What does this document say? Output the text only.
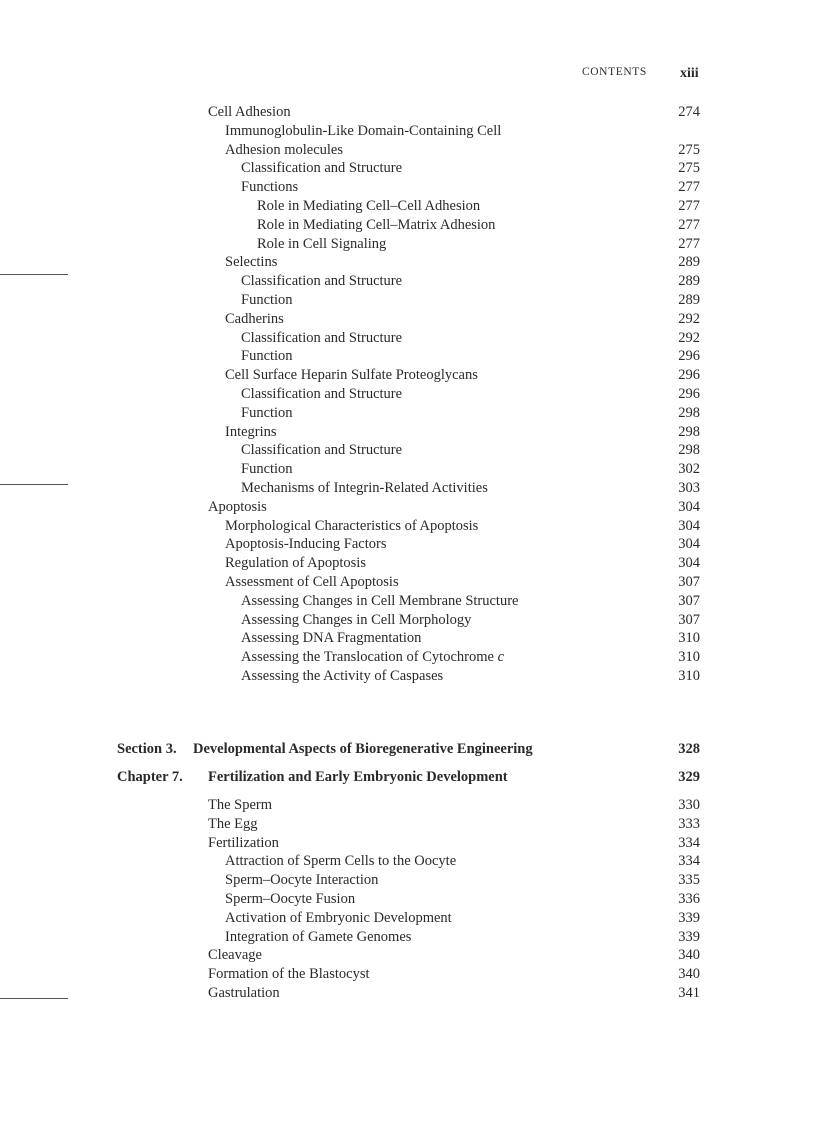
CONTENTS xiii
Cell Adhesion	274
Immunoglobulin-Like Domain-Containing Cell
Adhesion molecules	275
Classification and Structure	275
Functions	277
Role in Mediating Cell–Cell Adhesion	277
Role in Mediating Cell–Matrix Adhesion	277
Role in Cell Signaling	277
Selectins	289
Classification and Structure	289
Function	289
Cadherins	292
Classification and Structure	292
Function	296
Cell Surface Heparin Sulfate Proteoglycans	296
Classification and Structure	296
Function	298
Integrins	298
Classification and Structure	298
Function	302
Mechanisms of Integrin-Related Activities	303
Apoptosis	304
Morphological Characteristics of Apoptosis	304
Apoptosis-Inducing Factors	304
Regulation of Apoptosis	304
Assessment of Cell Apoptosis	307
Assessing Changes in Cell Membrane Structure	307
Assessing Changes in Cell Morphology	307
Assessing DNA Fragmentation	310
Assessing the Translocation of Cytochrome c	310
Assessing the Activity of Caspases	310
Section 3. Developmental Aspects of Bioregenerative Engineering	328
Chapter 7. Fertilization and Early Embryonic Development	329
The Sperm	330
The Egg	333
Fertilization	334
Attraction of Sperm Cells to the Oocyte	334
Sperm–Oocyte Interaction	335
Sperm–Oocyte Fusion	336
Activation of Embryonic Development	339
Integration of Gamete Genomes	339
Cleavage	340
Formation of the Blastocyst	340
Gastrulation	341
